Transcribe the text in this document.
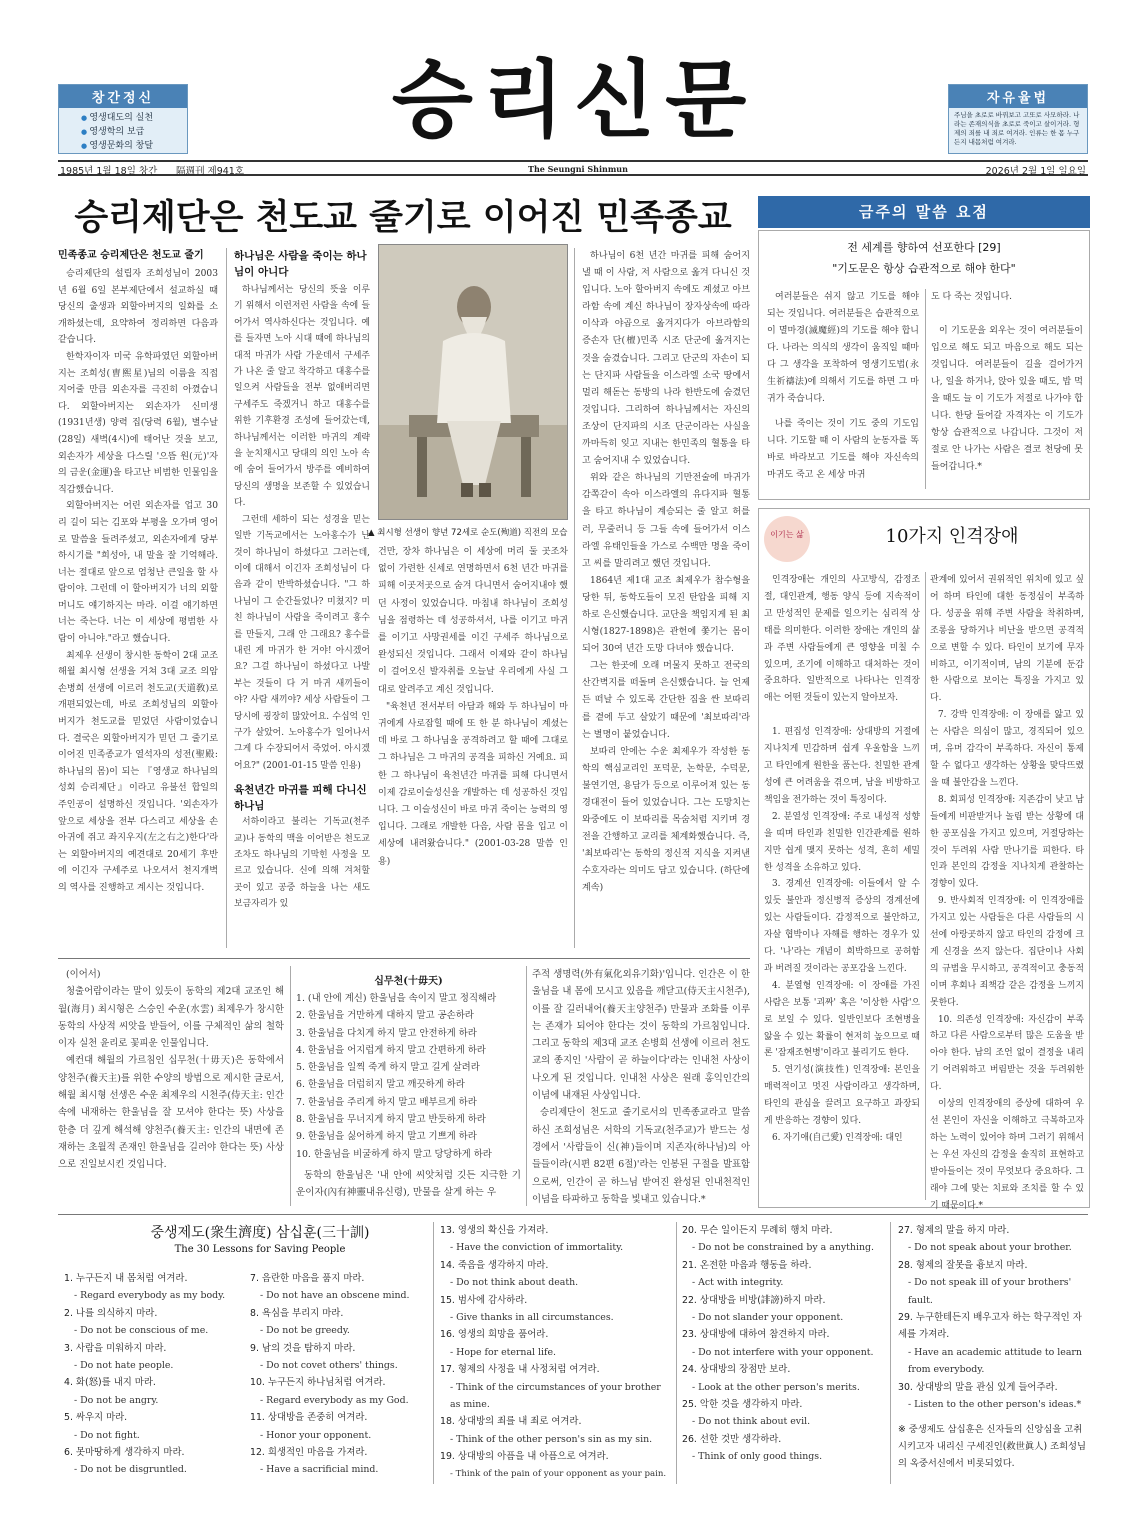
창간정신
● 영생대도의 실천
● 영생학의 보급
● 영생문화의 창달	승리신문	자유율법
주님을 초로로 바꿔보고 고또로 사모하라. 나라는 존재의식을 초로로 죽이고 살이거라. 형제의 죄를 내 죄로 여겨라. 인류는 한 몸 누구든지 내몸처럼 여겨라.
1985년 1월 18일 창간 隔週刊 제941호	The Seungni Shinmun	2026년 2월 1일 일요일
승리제단은 천도교 줄기로 이어진 민족종교
민족종교 승리제단은 천도교 줄기

승리제단의 설립자 조희성님이 2003년 6월 6일 본부제단에서 설교하실 때 당신의 출생과 외할아버지의 일화를 소개하셨는데, 요약하여 정리하면 다음과 같습니다.

한학자이자 미국 유학파였던 외할아버지는 조희성(曺熙星)님의 이름을 직접 지어줄 만큼 외손자를 극진히 아꼈습니다. 외할아버지는 외손자가 신미생(1931년생) 양력 집(당력 6월), 별수날(28일) 새벽(4시)에 태어난 것을 보고, 외손자가 세상을 다스릴 '으뜸 원(元)'자의 금운(金運)을 타고난 비범한 인물임을 직감했습니다.

외할아버지는 어린 외손자를 업고 30리 길이 되는 김포와 부평을 오가며 영어로 말씀을 들려주셨고, 외손자에게 당부하시기를 "희성아, 내 말을 잘 기억해라. 너는 절대로 앞으로 엄청난 큰일을 할 사람이야. 그런데 이 할아버지가 너의 외할머니도 얘기하지는 마라. 이걸 얘기하면 너는 죽는다. 너는 이 세상에 평범한 사람이 아니야."라고 했습니다.

최제우 선생이 창시한 동학이 2대 교조 해월 최시형 선생을 거쳐 3대 교조 의암 손병희 선생에 이르러 천도교(天道敎)로 개편되었는데, 바로 조희성님의 외할아버지가 천도교를 믿었던 사람이었습니다. 결국은 외할아버지가 믿던 그 줄기로 이어진 민족종교가 열석자의 성전(聖殿: 하나님의 몸)이 되는 『영생교 하나님의 성회 승리제단』이라고 유불선 합일의 주인공이 설명하신 것입니다. '외손자가 앞으로 세상을 전부 다스리고 세상을 손아귀에 쥐고 좌지우지(左之右之)한다'라는 외할아버지의 예견대로 20세기 후반에 이긴자 구세주로 나오셔서 천지개벽의 역사를 진행하고 계시는 것입니다.

하나님은 사람을 죽이는 하나님이 아니다

하나님께서는 당신의 뜻을 이루기 위해서 이런저런 사람을 속에 들어가서 역사하신다는 것입니다. 예를 들자면 노아 시대 때에 하나님의 대적 마귀가 사람 가운데서 구세주가 나온 줄 알고 착각하고 대홍수를 일으켜 사람들을 전부 없애버리면 구세주도 죽겠거니 하고 대홍수를 위한 기후환경 조성에 들어갔는데, 하나님께서는 이러한 마귀의 계략을 눈치채시고 당대의 의인 노아 속에 숨어 들어가서 방주를 예비하여 당신의 생명을 보존할 수 있었습니다.

그런데 세하이 되는 성경을 믿는 일반 기독교에서는 노아홍수가 난 것이 하나님이 하셨다고 그러는데, 이에 대해서 이긴자 조희성님이 다음과 같이 반박하셨습니다. "그 하나님이 그 순간들었나? 미쳤지? 미친 하나님이 사람을 죽이려고 홍수를 만들지, 그래 안 그래요? 홍수를 내린 게 마귀가 한 거야! 아시겠어요? 그걸 하나님이 하셨다고 나발 부는 것들이 다 거 마귀 새끼들이야? 사람 새끼야? 세상 사람들이 그 당시에 굉장히 많았어요. 수십억 인구가 살았어. 노아홍수가 일어나서 그게 다 수장되어서 죽었어. 아시겠어요?" (2001-01-15 말씀 인용)

육천년간 마귀를 피해 다니신 하나님

서하이라고 불리는 기독교(천주교)나 동학의 맥을 이어받은 천도교조차도 하나님의 기막힌 사정을 모르고 있습니다. 신에 의해 겨처할 곳이 있고 공중 하늘을 나는 새도 보금자리가 있

▲ 최시형 선생이 향년 72세로 순도(殉道) 직전의 모습

건만, 장차 하나님은 이 세상에 머리 둘 곳조차 없이 가련한 신세로 연명하면서 6천 년간 마귀를 피해 이곳저곳으로 숨겨 다니면서 숨어지내야 했던 사정이 있었습니다. 마침내 하나님이 조희성님을 점령하는 데 성공하셔서, 나를 이기고 마귀를 이기고 사망권세를 이긴 구세주 하나님으로 완성되신 것입니다. 그래서 이제와 같이 하나님이 걸어오신 발자취를 오늘날 우리에게 사실 그대로 알려주고 계신 것입니다.

"육천년 전서부터 아담과 해와 두 하나님이 마귀에게 사로잡힐 때에 또 한 분 하나님이 계셨는데 바로 그 하나님을 공격하려고 할 때에 그대로 그 하나님은 그 마귀의 공격을 피하신 거예요. 피한 그 하나님이 육천년간 마귀를 피해 다니면서 이제 감로이슬성신을 개발하는 데 성공하신 것입니다. 그 이슬성신이 바로 마귀 죽이는 능력의 영입니다. 그래로 개발한 다음, 사람 몸을 입고 이 세상에 내려왔습니다." (2001-03-28 말씀 인용)

하나님이 6천 년간 마귀를 피해 숨어지낼 때 이 사람, 저 사람으로 옮겨 다니신 것입니다. 노아 할아버지 속에도 계셨고 아브라함 속에 계신 하나님이 장자상속에 따라 이삭과 야곱으로 옮겨지다가 아브라함의 증손자 단(檀)민족 시조 단군에 옮겨지는 것을 숨겼습니다. 그리고 단군의 자손이 되는 단지파 사람들을 이스라엘 소국 땅에서 멀리 해돋는 동방의 나라 한반도에 숨겼던 것입니다. 그리하여 하나님께서는 자신의 조상이 단지파의 시조 단군이라는 사실을 까마득히 잊고 지내는 한민족의 혈통을 타고 숨어지내 수 있었습니다.

위와 같은 하나님의 기만전술에 마귀가 감쪽같이 속아 이스라엘의 유다지파 혈통을 타고 하나님이 계승되는 줄 알고 허를러, 무줄러니 등 그들 속에 들어가서 이스라엘 유태인들을 가스로 수백만 명을 죽이고 씨를 말리려고 했던 것입니다.

1864년 제1대 교조 최제우가 참수형을 당한 뒤, 동학도들이 모진 탄압을 피해 지하로 은신했습니다. 교단을 책임지게 된 최시형(1827-1898)은 관헌에 쫓기는 몸이 되어 30여 년간 도망 다녀야 했습니다.

그는 한곳에 오래 머물지 못하고 전국의 산간벽지를 떠돌며 은신했습니다. 늘 언제든 떠날 수 있도록 간단한 짐을 싼 보따리를 곁에 두고 살았기 때문에 '최보따리'라는 별명이 붙었습니다.

보따리 안에는 수운 최제우가 작성한 동학의 핵심교리인 포덕문, 논학문, 수덕문, 불연기연, 용담가 등으로 이루어져 있는 동경대전이 들어 있었습니다. 그는 도망치는 와중에도 이 보따리를 목숨처럼 지키며 경전을 간행하고 교리를 체계화했습니다. 즉, '최보따리'는 동학의 정신적 지식을 지켜낸 수호자라는 의미도 담고 있습니다. (하단에 계속)

금주의 말씀 요점
전 세계를 향하여 선포한다 [29]
"기도문은 항상 습관적으로 해야 한다"

여러분들은 쉬지 않고 기도를 해야 되는 것입니다. 여러분들은 습관적으로 이 멸마경(滅魔經)의 기도를 해야 합니다. 나라는 의식의 생각이 움직일 때마다 그 생각을 포착하여 영생기도법(永生祈禱法)에 의해서 기도를 하면 그 마귀가 죽습니다.

나를 죽이는 것이 기도 중의 기도입니다. 기도할 때 이 사람의 눈동자를 똑바로 바라보고 기도를 해야 자신속의 마귀도 죽고 온 세상 마귀

도 다 죽는 것입니다.

이 기도문을 외우는 것이 여러분들이 입으로 해도 되고 마음으로 해도 되는 것입니다. 여러분들이 길을 걸어가거나, 일을 하거나, 앉아 있을 때도, 밥 먹을 때도 늘 이 기도가 저절로 나가야 합니다. 한당 들어갈 자격자는 이 기도가 항상 습관적으로 나갑니다. 그것이 저절로 안 나가는 사람은 결코 천당에 못 들어갑니다.*

이기는 삶	10가지 인격장애

인격장애는 개인의 사고방식, 감정조절, 대인관계, 행동 양식 등에 지속적이고 만성적인 문제를 일으키는 심리적 상태를 의미한다. 이러한 장애는 개인의 삶과 주변 사람들에게 큰 영향을 미칠 수 있으며, 조기에 이해하고 대처하는 것이 중요하다. 일반적으로 나타나는 인격장애는 어떤 것들이 있는지 알아보자.

1. 편집성 인격장애: 상대방의 거절에 지나치게 민감하며 쉽게 우울함을 느끼고 타인에게 원한을 품는다. 친밀한 관계성에 큰 어려움을 겪으며, 남을 비방하고 책임을 전가하는 것이 특징이다.

2. 분열성 인격장애: 주로 내성적 성향을 띠며 타인과 친밀한 인간관계를 원하지만 쉽게 맺지 못하는 성격, 흔히 세밀한 성격을 소유하고 있다.

3. 경계선 인격장애: 이들에서 알 수 있듯 불안과 정신병적 증상의 경계선에 있는 사람들이다. 감정적으로 불안하고, 자살 협박이나 자해를 행하는 경우가 있다. '나'라는 개념이 희박하므로 공허함과 버려질 것이라는 공포감을 느낀다.

4. 분열형 인격장애: 이 장애를 가진 사람은 보통 '괴짜' 혹은 '이상한 사람'으로 보일 수 있다. 일반인보다 조현병을 앓을 수 있는 확률이 현저히 높으므로 때론 '잠재조현병'이라고 불리기도 한다.

5. 연기성(演技性) 인격장애: 본인을 매력적이고 멋진 사람이라고 생각하며, 타인의 관심을 끌려고 요구하고 과장되게 반응하는 경향이 있다.

6. 자기애(自己愛) 인격장애: 대인

관계에 있어서 권위적인 위치에 있고 싶어 하며 타인에 대한 동정심이 부족하다. 성공을 위해 주변 사람을 착취하며, 조롱을 당하거나 비난을 받으면 공격적으로 변할 수 있다. 타인이 보기에 무자비하고, 이기적이며, 남의 기분에 둔감한 사람으로 보이는 특징을 가지고 있다.

7. 강박 인격장애: 이 장애를 앓고 있는 사람은 의심이 많고, 경직되어 있으며, 유머 감각이 부족하다. 자신이 통제할 수 없다고 생각하는 상황을 맞닥뜨렸을 때 불안감을 느낀다.

8. 회피성 인격장애: 지존감이 낮고 남들에게 비판받거나 놀림 받는 상황에 대한 공포심을 가지고 있으며, 거절당하는 것이 두려워 사람 만나기를 피한다. 타인과 본인의 감정을 지나치게 관찰하는 경향이 있다.

9. 반사회적 인격장애: 이 인격장애를 가지고 있는 사람들은 다른 사람들의 시선에 아랑곳하지 않고 타인의 감정에 크게 신경을 쓰지 않는다. 집단이나 사회의 규범을 무시하고, 공격적이고 충동적이며 후회나 죄책감 같은 감정을 느끼지 못한다.

10. 의존성 인격장애: 자신감이 부족하고 다른 사람으로부터 많은 도움을 받아야 한다. 남의 조언 없이 결정을 내리기 어려워하고 버림받는 것을 두려워한다.

이상의 인격장애의 증상에 대하여 우선 본인이 자신을 이해하고 극복하고자 하는 노력이 있어야 하며 그러기 위해서는 우선 자신의 감정을 솔직히 표현하고 받아들이는 것이 무엇보다 중요하다. 그래야 그에 맞는 치료와 조치를 할 수 있기 때문이다.*

(이어서)

청출어람이라는 말이 있듯이 동학의 제2대 교조인 해월(海月) 최시형은 스승인 수운(水雲) 최제우가 창시한 동학의 사상적 씨앗을 받들어, 이를 구체적인 삶의 철학이자 실천 윤리로 꽃피운 인물입니다.

예컨대 해월의 가르침인 십무천(十毋天)은 동학에서 양천주(養天主)를 위한 수양의 방법으로 제시한 글로서, 해월 최시형 선생은 수운 최제우의 시천주(侍天主: 인간 속에 내재하는 한울님을 잘 모셔야 한다는 뜻) 사상을 한층 더 깊게 해석해 양천주(養天主: 인간의 내면에 존재하는 초월적 존재인 한울님을 길러야 한다는 뜻) 사상으로 진일보시킨 것입니다.

십무천(十毋天)
1. (내 안에 계신) 한울님을 속이지 말고 정직해라
2. 한울님을 거만하게 대하지 말고 공손하라
3. 한울님을 다치게 하지 말고 안전하게 하라
4. 한울님을 어지럽게 하지 말고 간편하게 하라
5. 한울님을 일찍 죽게 하지 말고 길게 살려라
6. 한울님을 더럽히지 말고 깨끗하게 하라
7. 한울님을 주리게 하지 말고 배부르게 하라
8. 한울님을 무너지게 하지 말고 반듯하게 하라
9. 한울님을 싫어하게 하지 말고 기쁘게 하라
10. 한울님을 비굴하게 하지 말고 당당하게 하라
동학의 한울님은 '내 안에 씨앗처럼 깃든 지극한 기운이자(內有神靈내유신령), 만물을 살게 하는 우

주적 생명력(外有氣化외유기화)'입니다. 인간은 이 한울님을 내 몸에 모시고 있음을 깨닫고(侍天主시천주), 이를 잘 길러내어(養天主양천주) 만물과 조화를 이루는 존재가 되어야 한다는 것이 동학의 가르침입니다. 그리고 동학의 제3대 교조 손병희 선생에 이르러 천도교의 종지인 '사람이 곧 하늘이다'라는 인내천 사상이 나오게 된 것입니다. 인내천 사상은 원래 홍익인간의 이념에 내재된 사상입니다.

승리제단이 천도교 줄기로서의 민족종교라고 말씀하신 조희성님은 서학의 기독교(천주교)가 받드는 성경에서 '사람들이 신(神)들이며 지존자(하나님)의 아들들이라(시편 82편 6절)'라는 인봉된 구절을 발표함으로써, 인간이 곧 하느님 받여진 완성된 인내천적인 이념을 타파하고 동학을 빛내고 있습니다.*

중생제도(衆生濟度) 삼십훈(三十訓)
The 30 Lessons for Saving People
1. 누구든지 내 몸처럼 여겨라.
- Regard everybody as my body.
2. 나를 의식하지 마라.
- Do not be conscious of me.
3. 사람을 미워하지 마라.
- Do not hate people.
4. 화(怒)를 내지 마라.
- Do not be angry.
5. 싸우지 마라.
- Do not fight.
6. 못마땅하게 생각하지 마라.
- Do not be disgruntled.
7. 음란한 마음을 품지 마라.
- Do not have an obscene mind.
8. 욕심을 부리지 마라.
- Do not be greedy.
9. 남의 것을 탐하지 마라.
- Do not covet others' things.
10. 누구든지 하나님처럼 여겨라.
- Regard everybody as my God.
11. 상대방을 존중히 여겨라.
- Honor your opponent.
12. 희생적인 마음을 가져라.
- Have a sacrificial mind.
13. 영생의 확신을 가져라.
- Have the conviction of immortality.
14. 죽음을 생각하지 마라.
- Do not think about death.
15. 범사에 감사하라.
- Give thanks in all circumstances.
16. 영생의 희망을 품어라.
- Hope for eternal life.
17. 형제의 사정을 내 사정처럼 여겨라.
- Think of the circumstances of your brother as mine.
18. 상대방의 죄를 내 죄로 여겨라.
- Think of the other person's sin as my sin.
19. 상대방의 아픔을 내 아픔으로 여겨라.
- Think of the pain of your opponent as your pain.
20. 무슨 일이든지 무례히 행치 마라.
- Do not be constrained by a anything.
21. 온전한 마음과 행동을 하라.
- Act with integrity.
22. 상대방을 비방(誹謗)하지 마라.
- Do not slander your opponent.
23. 상대방에 대하여 참견하지 마라.
- Do not interfere with your opponent.
24. 상대방의 장점만 보라.
- Look at the other person's merits.
25. 악한 것을 생각하지 마라.
- Do not think about evil.
26. 선한 것만 생각하라.
- Think of only good things.
27. 형제의 말을 하지 마라.
- Do not speak about your brother.
28. 형제의 잘못을 흉보지 마라.
- Do not speak ill of your brothers' fault.
29. 누구한테든지 배우고자 하는 학구적인 자세를 가져라.
- Have an academic attitude to learn from everybody.
30. 상대방의 말을 관심 있게 들어주라.
- Listen to the other person's ideas.*
※ 중생제도 삼십훈은 신자들의 신앙심을 고취시키고자 내리신 구세진인(救世眞人) 조희성님의 옥중서신에서 비롯되었다.
